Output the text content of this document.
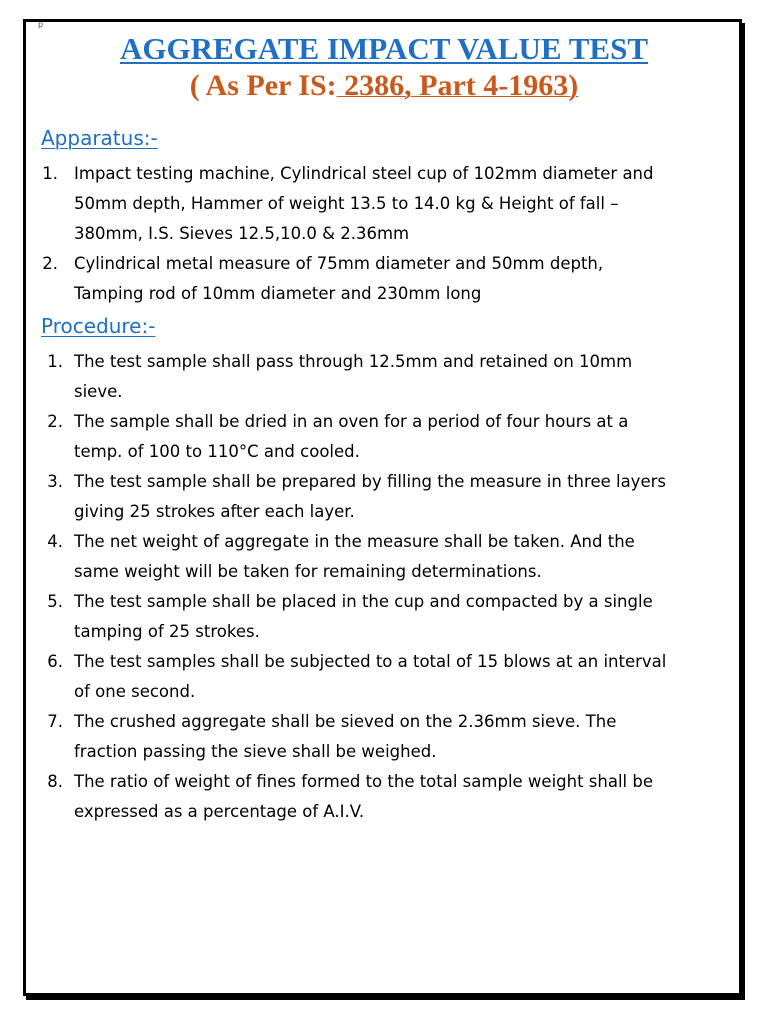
p
AGGREGATE IMPACT VALUE TEST
( As Per IS: 2386, Part 4-1963)
Apparatus:-
1. Impact testing machine, Cylindrical steel cup of 102mm diameter and
50mm depth, Hammer of weight 13.5 to 14.0 kg & Height of fall –
380mm, I.S. Sieves 12.5,10.0 & 2.36mm
2. Cylindrical metal measure of 75mm diameter and 50mm depth,
Tamping rod of 10mm diameter and 230mm long
Procedure:-
1. The test sample shall pass through 12.5mm and retained on 10mm
sieve.
2. The sample shall be dried in an oven for a period of four hours at a
temp. of 100 to 110°C and cooled.
3. The test sample shall be prepared by filling the measure in three layers
giving 25 strokes after each layer.
4. The net weight of aggregate in the measure shall be taken. And the
same weight will be taken for remaining determinations.
5. The test sample shall be placed in the cup and compacted by a single
tamping of 25 strokes.
6. The test samples shall be subjected to a total of 15 blows at an interval
of one second.
7. The crushed aggregate shall be sieved on the 2.36mm sieve. The
fraction passing the sieve shall be weighed.
8. The ratio of weight of fines formed to the total sample weight shall be
expressed as a percentage of A.I.V.
